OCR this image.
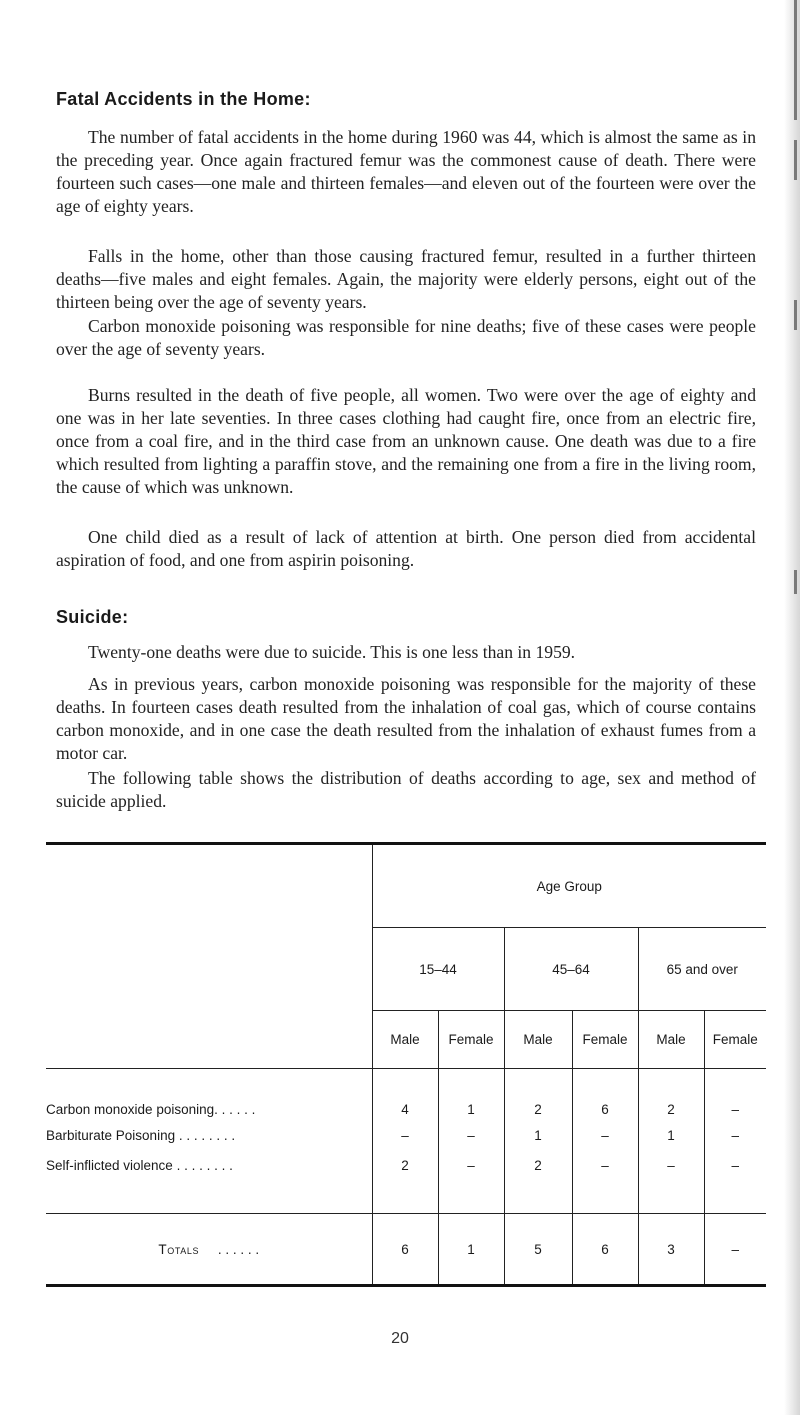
Fatal Accidents in the Home:

The number of fatal accidents in the home during 1960 was 44, which is almost the same as in the preceding year. Once again fractured femur was the commonest cause of death. There were fourteen such cases—one male and thirteen females—and eleven out of the fourteen were over the age of eighty years.

Falls in the home, other than those causing fractured femur, resulted in a further thirteen deaths—five males and eight females. Again, the majority were elderly persons, eight out of the thirteen being over the age of seventy years.

Carbon monoxide poisoning was responsible for nine deaths; five of these cases were people over the age of seventy years.

Burns resulted in the death of five people, all women. Two were over the age of eighty and one was in her late seventies. In three cases clothing had caught fire, once from an electric fire, once from a coal fire, and in the third case from an unknown cause. One death was due to a fire which resulted from lighting a paraffin stove, and the remaining one from a fire in the living room, the cause of which was unknown.

One child died as a result of lack of attention at birth. One person died from accidental aspiration of food, and one from aspirin poisoning.

Suicide:

Twenty-one deaths were due to suicide. This is one less than in 1959.

As in previous years, carbon monoxide poisoning was responsible for the majority of these deaths. In fourteen cases death resulted from the inhalation of coal gas, which of course contains carbon monoxide, and in one case the death resulted from the inhalation of exhaust fumes from a motor car.

The following table shows the distribution of deaths according to age, sex and method of suicide applied.

	Age Group					
	15–44		45–64		65 and over	
	Male	Female	Male	Female	Male	Female
Carbon monoxide poisoning. . . . . .	4	1	2	6	2	–
Barbiturate Poisoning . . . . . . . .	–	–	1	–	1	–
Self-inflicted violence . . . . . . . .	2	–	2	–	–	–
Totals . . . . . .	6	1	5	6	3	–
20
